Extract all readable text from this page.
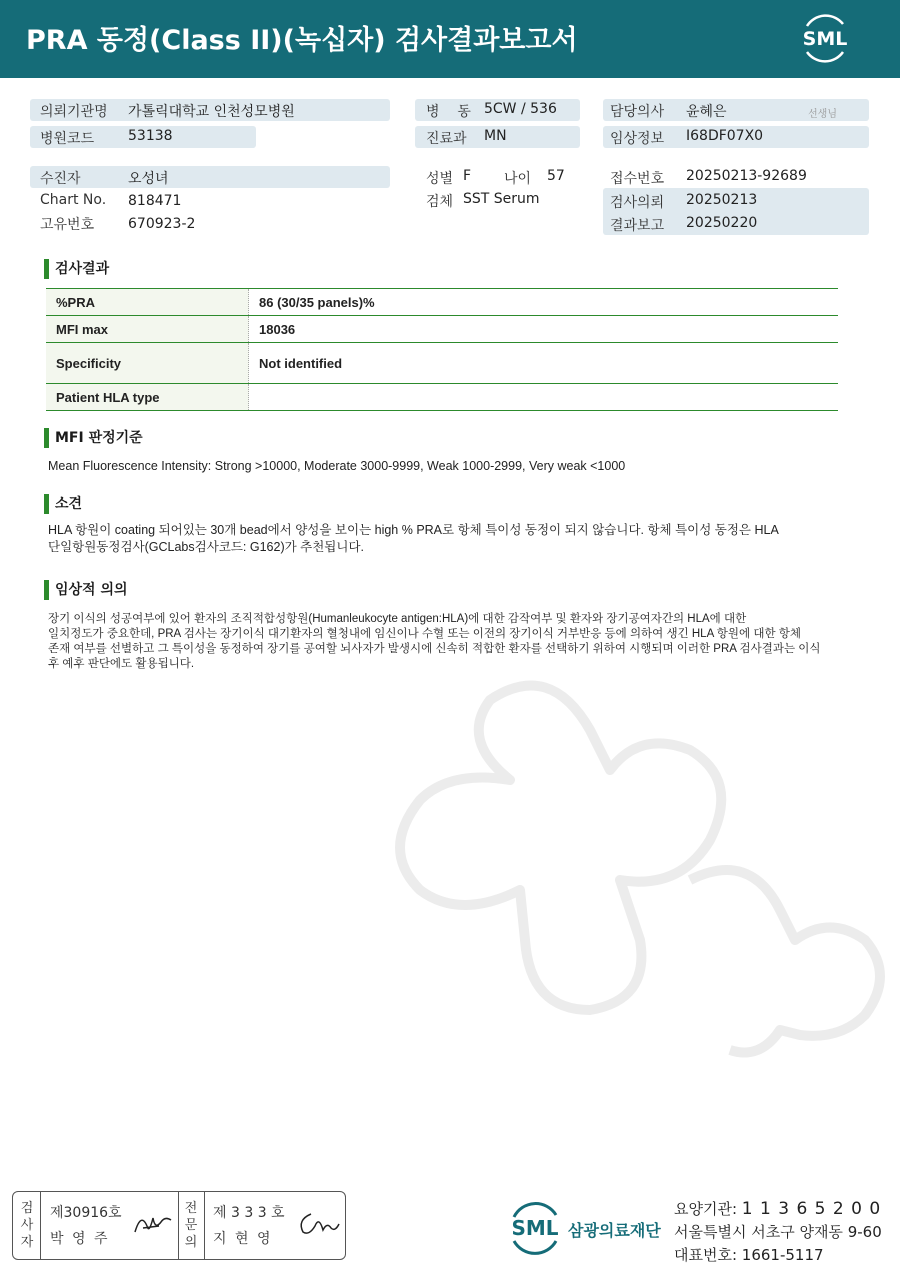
PRA 동정(Class II)(녹십자) 검사결과보고서	SML
의뢰기관명 가톨릭대학교 인천성모병원
병원코드 53138
병    동 5CW / 536
진료과 MN
담당의사 윤혜은	선생님
임상정보 I68DF07X0
수진자	오성녀
Chart No. 818471
고유번호 670923-2
성별 F 나이 57
검체 SST Serum
접수번호 20250213-92689
검사의뢰 20250213
결과보고 20250220
검사결과
%PRA	86 (30/35 panels)%
MFI max	18036
Specificity	Not identified
Patient HLA type	
MFI 판정기준
Mean Fluorescence Intensity: Strong >10000, Moderate 3000-9999, Weak 1000-2999, Very weak <1000
소견
HLA 항원이 coating 되어있는 30개 bead에서 양성을 보이는 high % PRA로 항체 특이성 동정이 되지 않습니다. 항체 특이성 동정은 HLA
단일항원동정검사(GCLabs검사코드: G162)가 추천됩니다.
임상적 의의
장기 이식의 성공여부에 있어 환자의 조직적합성항원(Humanleukocyte antigen:HLA)에 대한 감작여부 및 환자와 장기공여자간의 HLA에 대한
일치정도가 중요한데, PRA 검사는 장기이식 대기환자의 혈청내에 임신이나 수혈 또는 이전의 장기이식 거부반응 등에 의하여 생긴 HLA 항원에 대한 항체
존재 여부를 선별하고 그 특이성을 동정하여 장기를 공여할 뇌사자가 발생시에 신속히 적합한 환자를 선택하기 위하여 시행되며 이러한 PRA 검사결과는 이식
후 예후 판단에도 활용됩니다.
검
사
자
제30916호
박 영 주
전
문
의
제 3 3 3 호
지 현 영	SML 삼광의료재단
요양기관: 1 1 3 6 5 2 0 0
서울특별시 서초구 양재동 9-60
대표번호: 1661-5117
